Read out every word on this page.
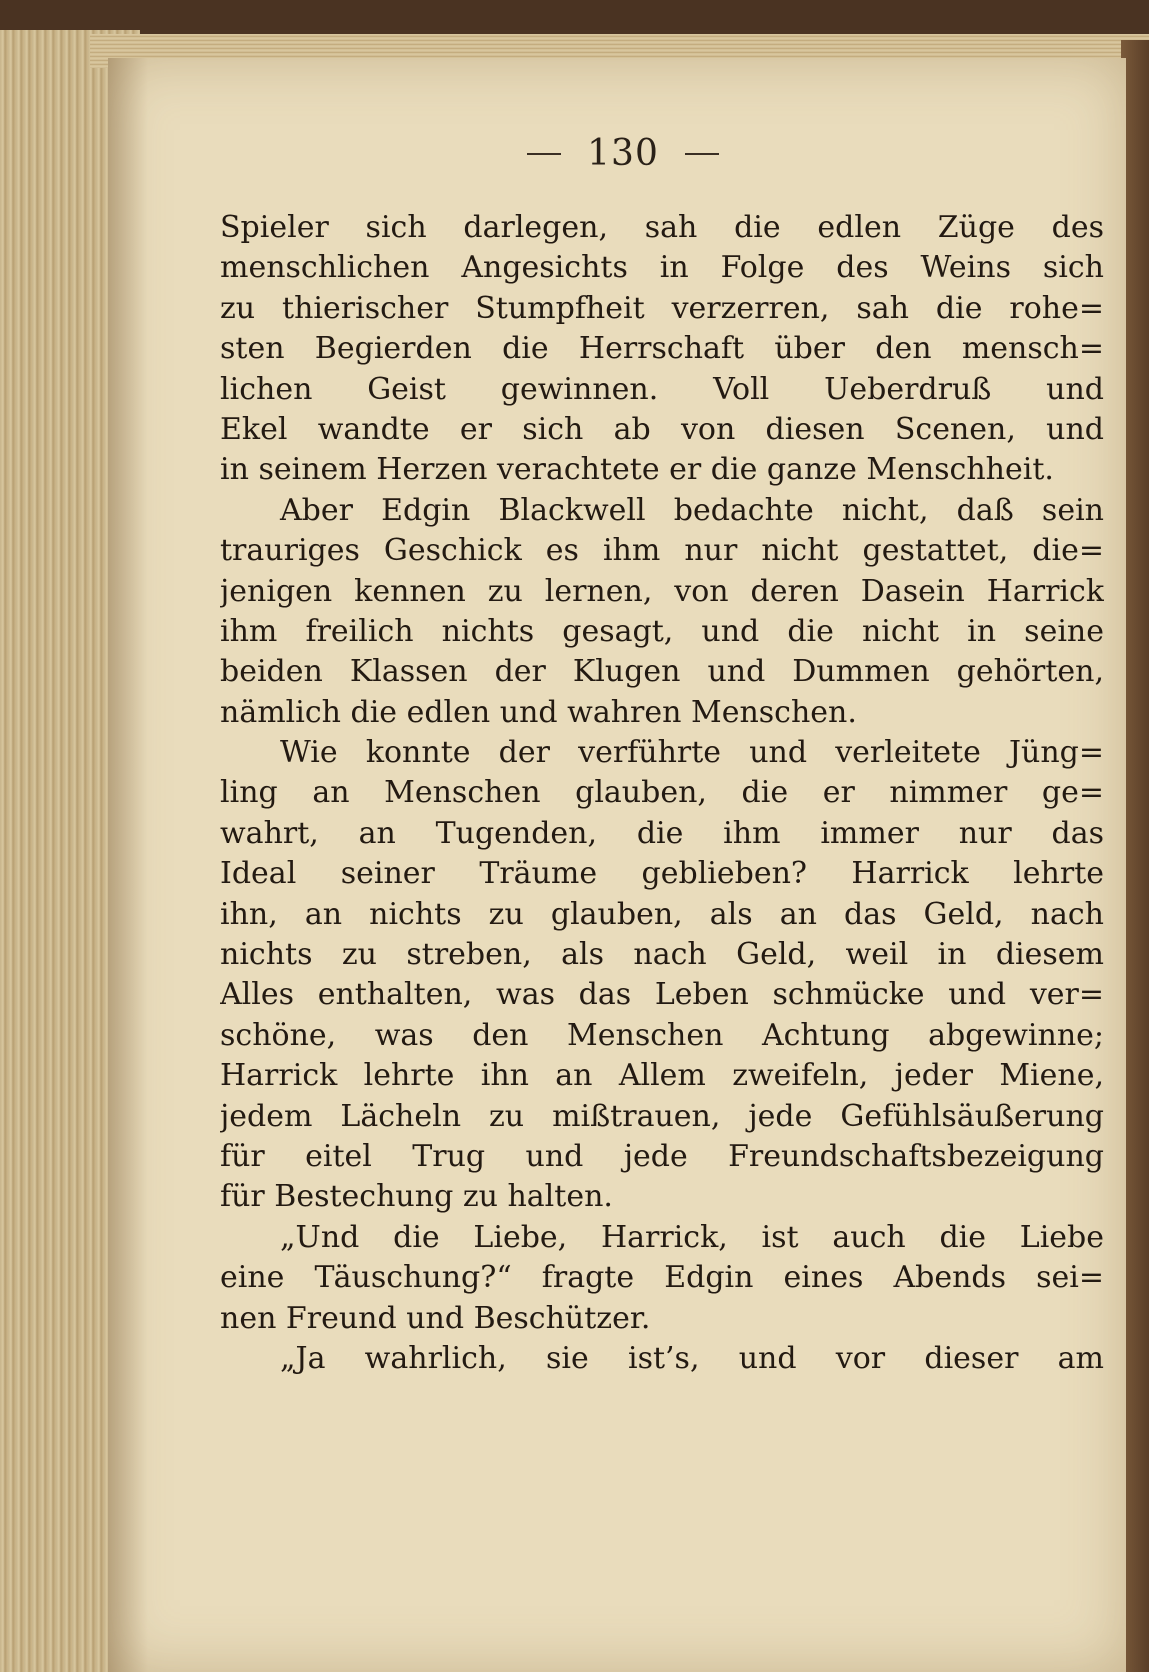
130
Spieler sich darlegen, sah die edlen Züge des
menschlichen Angesichts in Folge des Weins sich
zu thierischer Stumpfheit verzerren, sah die rohe=
sten Begierden die Herrschaft über den mensch=
lichen Geist gewinnen. Voll Ueberdruß und
Ekel wandte er sich ab von diesen Scenen, und
in seinem Herzen verachtete er die ganze Menschheit.
Aber Edgin Blackwell bedachte nicht, daß sein
trauriges Geschick es ihm nur nicht gestattet, die=
jenigen kennen zu lernen, von deren Dasein Harrick
ihm freilich nichts gesagt, und die nicht in seine
beiden Klassen der Klugen und Dummen gehörten,
nämlich die edlen und wahren Menschen.
Wie konnte der verführte und verleitete Jüng=
ling an Menschen glauben, die er nimmer ge=
wahrt, an Tugenden, die ihm immer nur das
Ideal seiner Träume geblieben? Harrick lehrte
ihn, an nichts zu glauben, als an das Geld, nach
nichts zu streben, als nach Geld, weil in diesem
Alles enthalten, was das Leben schmücke und ver=
schöne, was den Menschen Achtung abgewinne;
Harrick lehrte ihn an Allem zweifeln, jeder Miene,
jedem Lächeln zu mißtrauen, jede Gefühlsäußerung
für eitel Trug und jede Freundschaftsbezeigung
für Bestechung zu halten.
„Und die Liebe, Harrick, ist auch die Liebe
eine Täuschung?“ fragte Edgin eines Abends sei=
nen Freund und Beschützer.
„Ja wahrlich, sie ist’s, und vor dieser am
